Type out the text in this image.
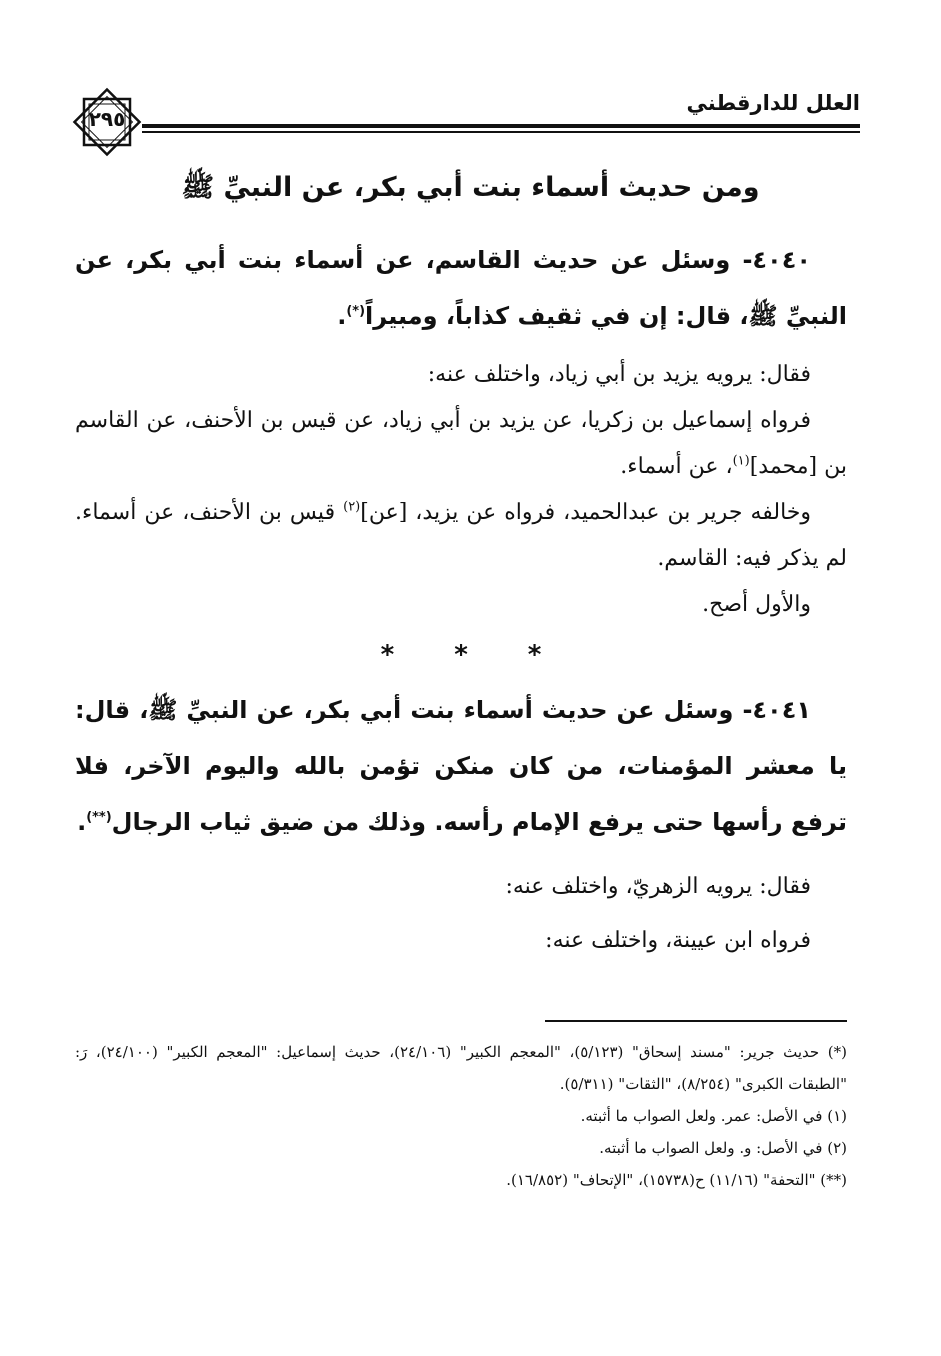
العلل للدارقطني
٢٩٥
ومن حديث أسماء بنت أبي بكر، عن النبيِّ ﷺ

٤٠٤٠- وسئل عن حديث القاسم، عن أسماء بنت أبي بكر، عن النبيِّ ﷺ، قال: إن في ثقيف كذاباً، ومبيراً(*).

فقال: يرويه يزيد بن أبي زياد، واختلف عنه:

فرواه إسماعيل بن زكريا، عن يزيد بن أبي زياد، عن قيس بن الأحنف، عن القاسم بن [محمد]$^{(١)}$، عن أسماء.

وخالفه جرير بن عبدالحميد، فرواه عن يزيد، [عن]$^{(٢)}$ قيس بن الأحنف، عن أسماء. لم يذكر فيه: القاسم.

والأول أصح.

* * *

٤٠٤١- وسئل عن حديث أسماء بنت أبي بكر، عن النبيِّ ﷺ، قال: يا معشر المؤمنات، من كان منكن تؤمن بالله واليوم الآخر، فلا ترفع رأسها حتى يرفع الإمام رأسه. وذلك من ضيق ثياب الرجال(**).

فقال: يرويه الزهريّ، واختلف عنه:

فرواه ابن عيينة، واختلف عنه:

(*) حديث جرير: "مسند إسحاق" (٥/١٢٣)، "المعجم الكبير" (٢٤/١٠٦)، حديث إسماعيل: "المعجم الكبير" (٢٤/١٠٠)، رَ: "الطبقات الكبرى" (٨/٢٥٤)، "الثقات" (٥/٣١١).

(١) في الأصل: عمر. ولعل الصواب ما أثبته.

(٢) في الأصل: و. ولعل الصواب ما أثبته.

(**) "التحفة" (١١/١٦) ح(١٥٧٣٨)، "الإتحاف" (١٦/٨٥٢).
